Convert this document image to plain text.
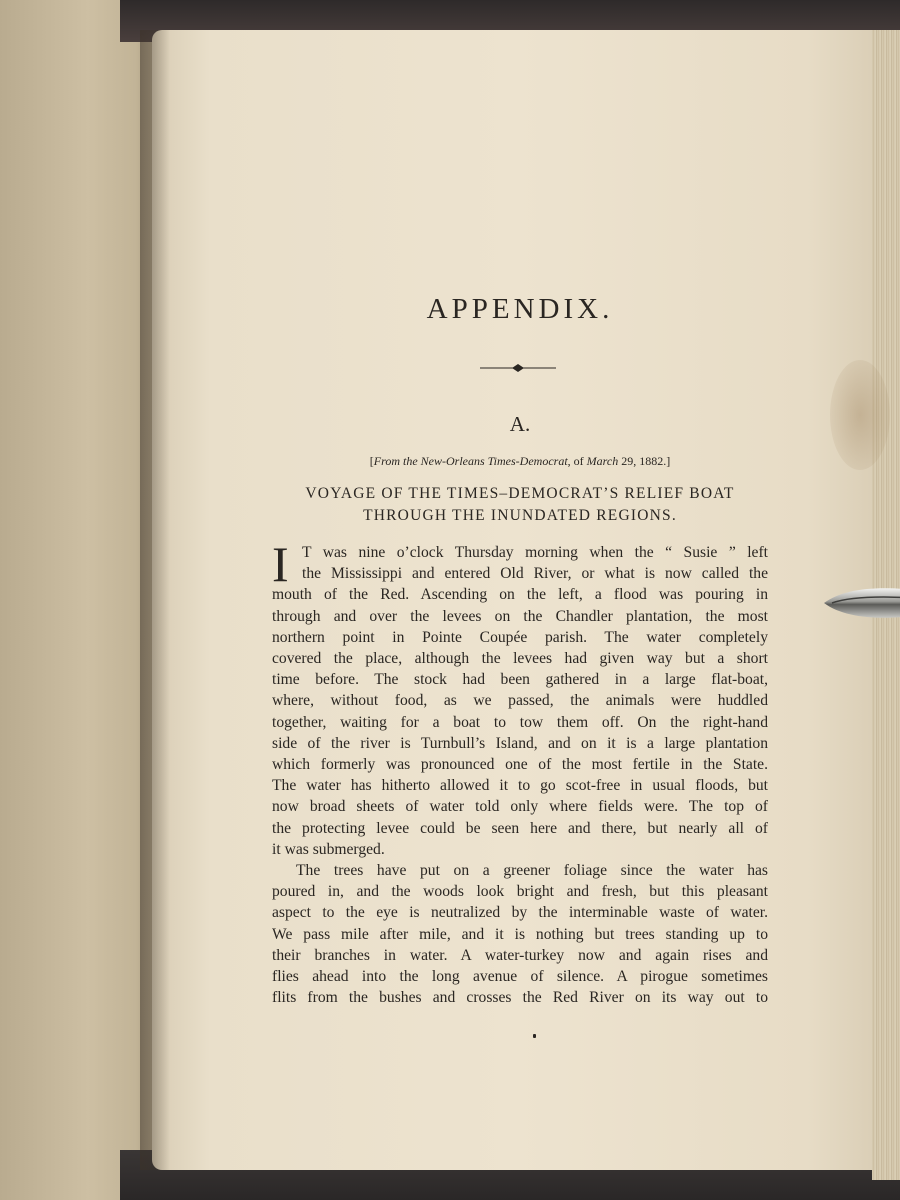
APPENDIX.
A.
[From the New-Orleans Times-Democrat, of March 29, 1882.]
VOYAGE OF THE TIMES–DEMOCRAT’S RELIEF BOAT
THROUGH THE INUNDATED REGIONS.
I T was nine o’clock Thursday morning when the “ Susie ” left
the Mississippi and entered Old River, or what is now called the
mouth of the Red. Ascending on the left, a flood was pouring in
through and over the levees on the Chandler plantation, the most
northern point in Pointe Coupée parish. The water completely
covered the place, although the levees had given way but a short
time before. The stock had been gathered in a large flat-boat,
where, without food, as we passed, the animals were huddled
together, waiting for a boat to tow them off. On the right-hand
side of the river is Turnbull’s Island, and on it is a large plantation
which formerly was pronounced one of the most fertile in the State.
The water has hitherto allowed it to go scot-free in usual floods, but
now broad sheets of water told only where fields were. The top of
the protecting levee could be seen here and there, but nearly all of
it was submerged.
The trees have put on a greener foliage since the water has
poured in, and the woods look bright and fresh, but this pleasant
aspect to the eye is neutralized by the interminable waste of water.
We pass mile after mile, and it is nothing but trees standing up to
their branches in water. A water-turkey now and again rises and
flies ahead into the long avenue of silence. A pirogue sometimes
flits from the bushes and crosses the Red River on its way out to
